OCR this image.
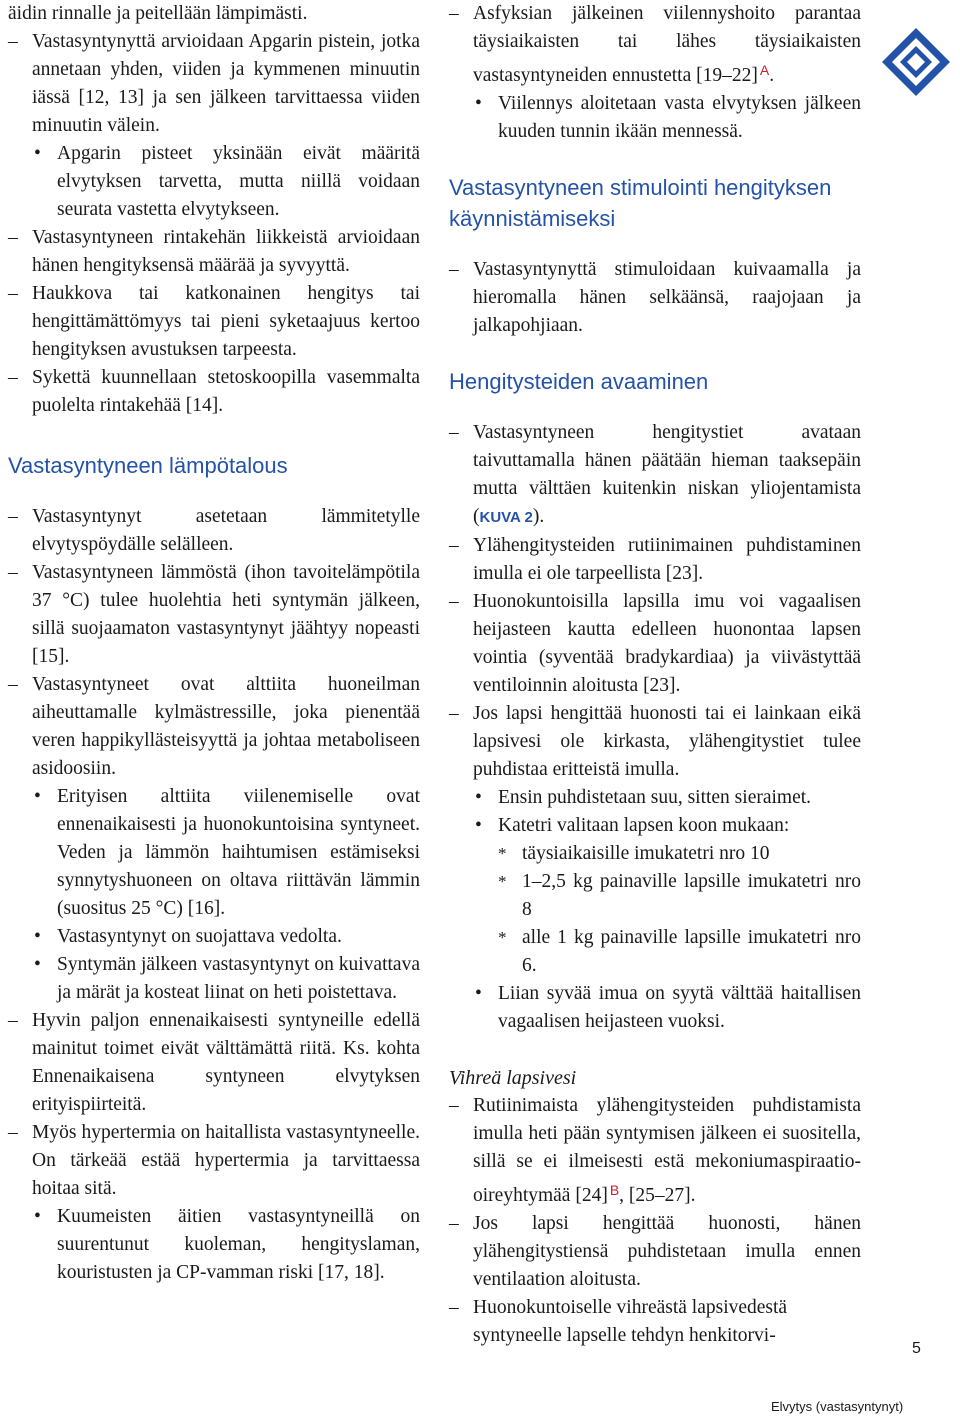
äidin rinnalle ja peitellään lämpimästi.

– Vastasyntynyttä arvioidaan Apgarin pistein, jotka annetaan yhden, viiden ja kymmenen minuutin iässä [12, 13] ja sen jälkeen tarvittaessa viiden minuutin välein.

• Apgarin pisteet yksinään eivät määritä elvytyksen tarvetta, mutta niillä voidaan seurata vastetta elvytykseen.

– Vastasyntyneen rintakehän liikkeistä arvioidaan hänen hengityksensä määrää ja syvyyttä.

– Haukkova tai katkonainen hengitys tai hengittämättömyys tai pieni syketaajuus kertoo hengityksen avustuksen tarpeesta.

– Sykettä kuunnellaan stetoskoopilla vasemmalta puolelta rintakehää [14].

Vastasyntyneen lämpötalous

– Vastasyntynyt asetetaan lämmitetylle elvytyspöydälle selälleen.

– Vastasyntyneen lämmöstä (ihon tavoitelämpötila 37 °C) tulee huolehtia heti syntymän jälkeen, sillä suojaamaton vastasyntynyt jäähtyy nopeasti [15].

– Vastasyntyneet ovat alttiita huoneilman aiheuttamalle kylmästressille, joka pienentää veren happikyllästeisyyttä ja johtaa metaboliseen asidoosiin.

• Erityisen alttiita viilenemiselle ovat ennenaikaisesti ja huonokuntoisina syntyneet. Veden ja lämmön haihtumisen estämiseksi synnytyshuoneen on oltava riittävän lämmin (suositus 25 °C) [16].

• Vastasyntynyt on suojattava vedolta.

• Syntymän jälkeen vastasyntynyt on kuivattava ja märät ja kosteat liinat on heti poistettava.

– Hyvin paljon ennenaikaisesti syntyneille edellä mainitut toimet eivät välttämättä riitä. Ks. kohta Ennenaikaisena syntyneen elvytyksen erityispiirteitä.

– Myös hypertermia on haitallista vastasyntyneelle. On tärkeää estää hypertermia ja tarvittaessa hoitaa sitä.

• Kuumeisten äitien vastasyntyneillä on suurentunut kuoleman, hengityslaman, kouristusten ja CP-vamman riski [17, 18].

– Asfyksian jälkeinen viilennyshoito parantaa täysiaikaisten tai lähes täysiaikaisten vastasyntyneiden ennustetta [19–22] $^A$.

• Viilennys aloitetaan vasta elvytyksen jälkeen kuuden tunnin ikään mennessä.

Vastasyntyneen stimulointi hengityksen käynnistämiseksi

– Vastasyntynyttä stimuloidaan kuivaamalla ja hieromalla hänen selkäänsä, raajojaan ja jalkapohjiaan.

Hengitysteiden avaaminen

– Vastasyntyneen hengitystiet avataan taivuttamalla hänen päätään hieman taaksepäin mutta välttäen kuitenkin niskan yliojentamista (KUVA 2).

– Ylähengitysteiden rutiinimainen puhdistaminen imulla ei ole tarpeellista [23].

– Huonokuntoisilla lapsilla imu voi vagaalisen heijasteen kautta edelleen huonontaa lapsen vointia (syventää bradykardiaa) ja viivästyttää ventiloinnin aloitusta [23].

– Jos lapsi hengittää huonosti tai ei lainkaan eikä lapsivesi ole kirkasta, ylähengitystiet tulee puhdistaa eritteistä imulla.

• Ensin puhdistetaan suu, sitten sieraimet.

• Katetri valitaan lapsen koon mukaan:

* täysiaikaisille imukatetri nro 10

* 1–2,5 kg painaville lapsille imukatetri nro 8

* alle 1 kg painaville lapsille imukatetri nro 6.

• Liian syvää imua on syytä välttää haitallisen vagaalisen heijasteen vuoksi.

Vihreä lapsivesi

– Rutiinimaista ylähengitysteiden puhdistamista imulla heti pään syntymisen jälkeen ei suositella, sillä se ei ilmeisesti estä mekoniumaspiraatio-oireyhtymää [24] $^B$, [25–27].

– Jos lapsi hengittää huonosti, hänen ylähengitystiensä puhdistetaan imulla ennen ventilaation aloitusta.

– Huonokuntoiselle vihreästä lapsivedestä syntyneelle lapselle tehdyn henkitorvi-

5
Elvytys (vastasyntynyt)
